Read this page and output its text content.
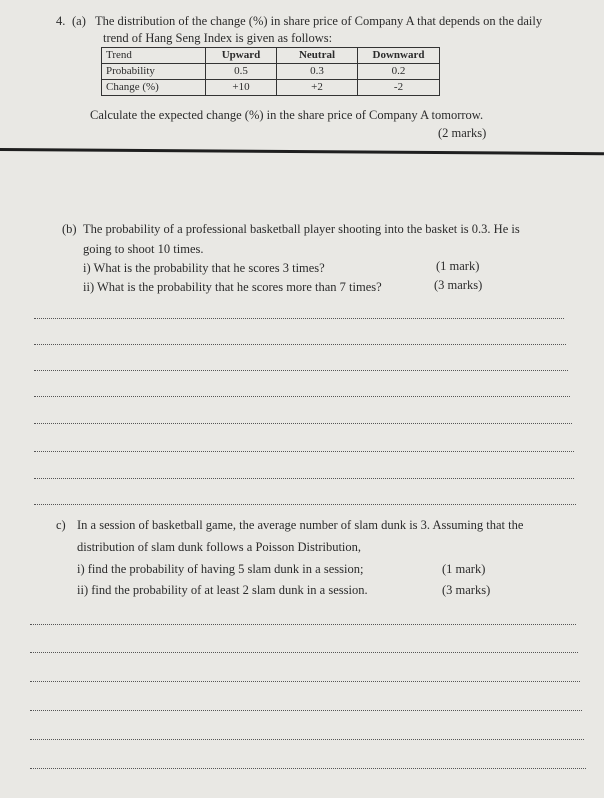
4. (a) The distribution of the change (%) in share price of Company A that depends on the daily
trend of Hang Seng Index is given as follows:
Trend	Upward	Neutral	Downward
Probability	0.5	0.3	0.2
Change (%)	+10	+2	-2
Calculate the expected change (%) in the share price of Company A tomorrow.
(2 marks)
(b) The probability of a professional basketball player shooting into the basket is 0.3. He is
going to shoot 10 times.
i) What is the probability that he scores 3 times?	(1 mark)
ii) What is the probability that he scores more than 7 times?	(3 marks)
c) In a session of basketball game, the average number of slam dunk is 3. Assuming that the
distribution of slam dunk follows a Poisson Distribution,
i) find the probability of having 5 slam dunk in a session;	(1 mark)
ii) find the probability of at least 2 slam dunk in a session.	(3 marks)
